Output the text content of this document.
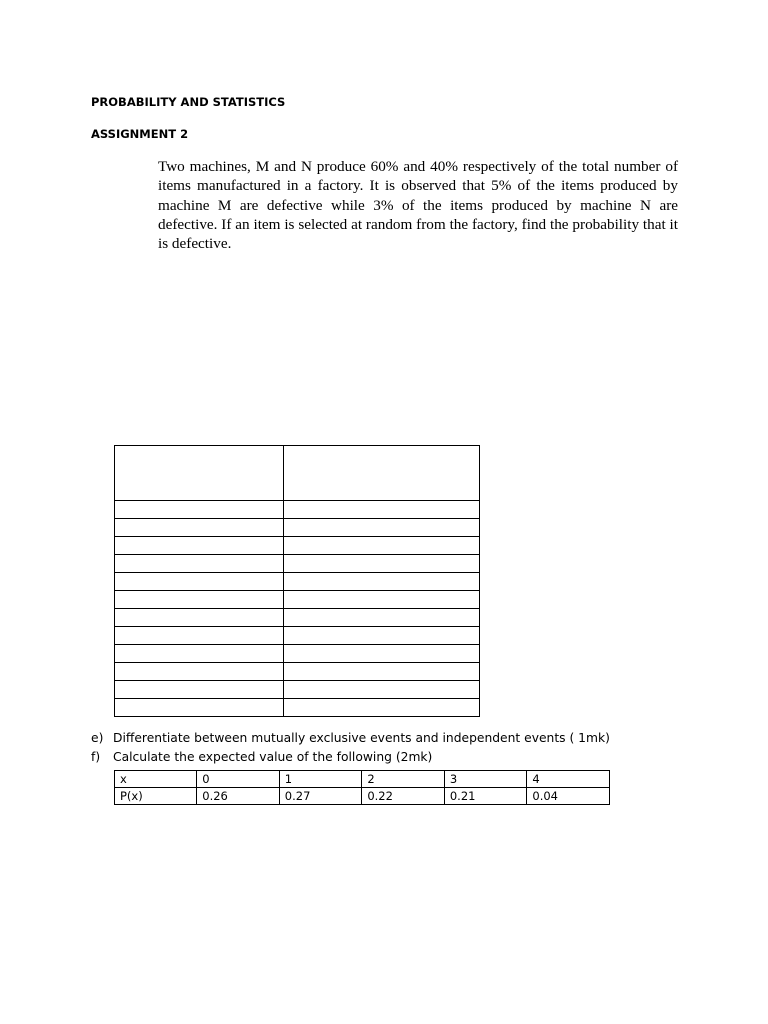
PROBABILITY AND STATISTICS
ASSIGNMENT 2
Two machines, M and N produce 60% and 40% respectively of the total number of items manufactured in a factory. It is observed that 5% of the items produced by machine M are defective while 3% of the items produced by machine N are defective. If an item is selected at random from the factory, find the probability that it is defective.

e) Differentiate between mutually exclusive events and independent events ( 1mk)
f) Calculate the expected value of the following (2mk)
x	0	1	2	3	4
P(x)	0.26	0.27	0.22	0.21	0.04
